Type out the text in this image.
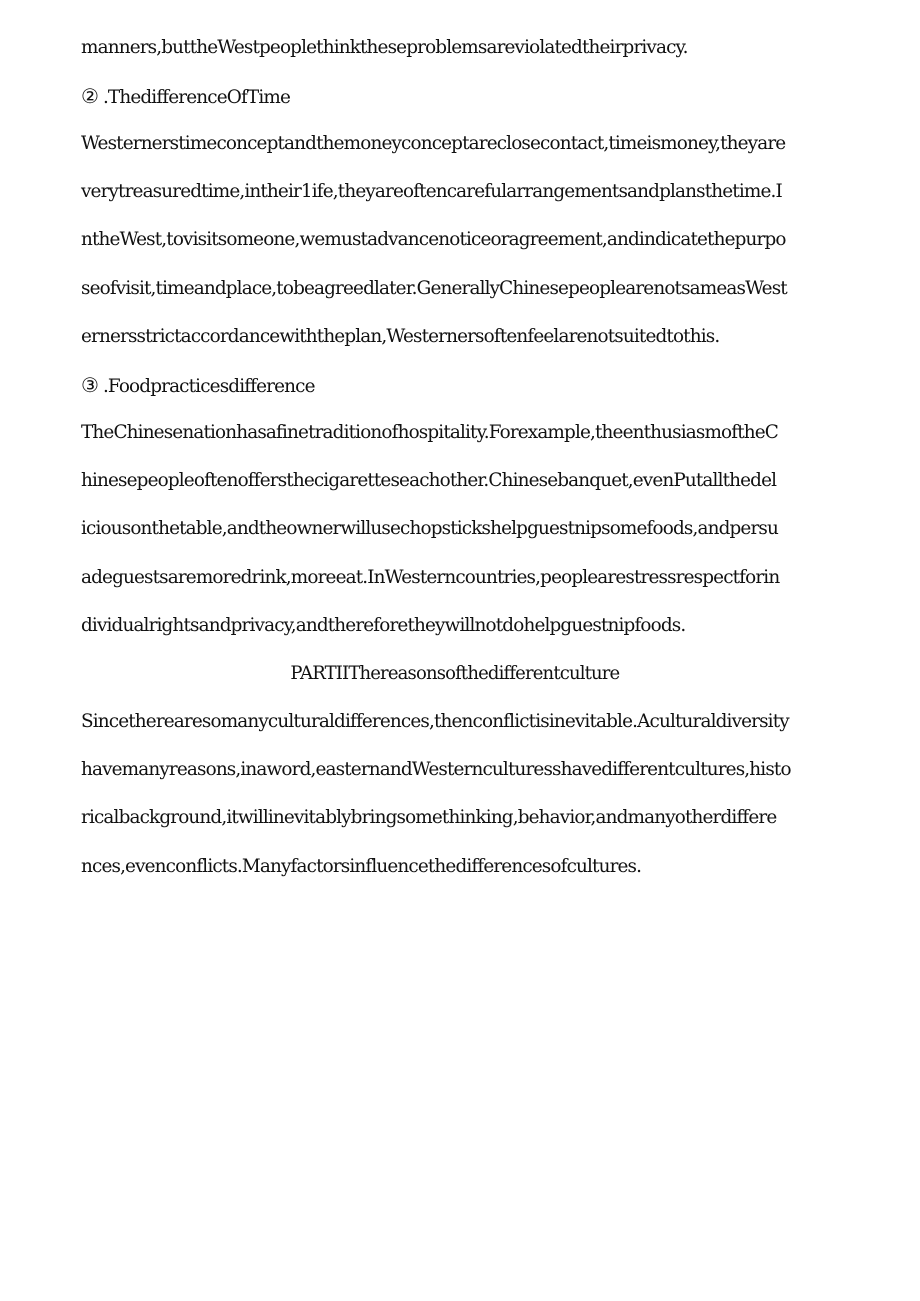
manners,buttheWestpeoplethinktheseproblemsareviolatedtheirprivacy.
② .ThedifferenceOfTime
Westernerstimeconceptandthemoneyconceptareclosecontact,timeismoney,theyare
verytreasuredtime,intheir1ife,theyareoftencarefularrangementsandplansthetime.I
ntheWest,tovisitsomeone,wemustadvancenoticeoragreement,andindicatethepurpo
seofvisit,timeandplace,tobeagreedlater.GenerallyChinesepeoplearenotsameasWest
ernersstrictaccordancewiththeplan,Westernersoftenfeelarenotsuitedtothis.
③ .Foodpracticesdifference
TheChinesenationhasafinetraditionofhospitality.Forexample,theenthusiasmoftheC
hinesepeopleoftenoffersthecigaretteseachother.Chinesebanquet,evenPutallthedel
iciousonthetable,andtheownerwillusechopstickshelpguestnipsomefoods,andpersu
adeguestsaremoredrink,moreeat.InWesterncountries,peoplearestressrespectforin
dividualrightsandprivacy,andthereforetheywillnotdohelpguestnipfoods.
PARTIIThereasonsofthedifferentculture
Sincetherearesomanyculturaldifferences,thenconflictisinevitable.Aculturaldiversity
havemanyreasons,inaword,easternandWesternculturesshavedifferentcultures,histo
ricalbackground,itwillinevitablybringsomethinking,behavior,andmanyotherdiffere
nces,evenconflicts.Manyfactorsinfluencethedifferencesofcultures.
